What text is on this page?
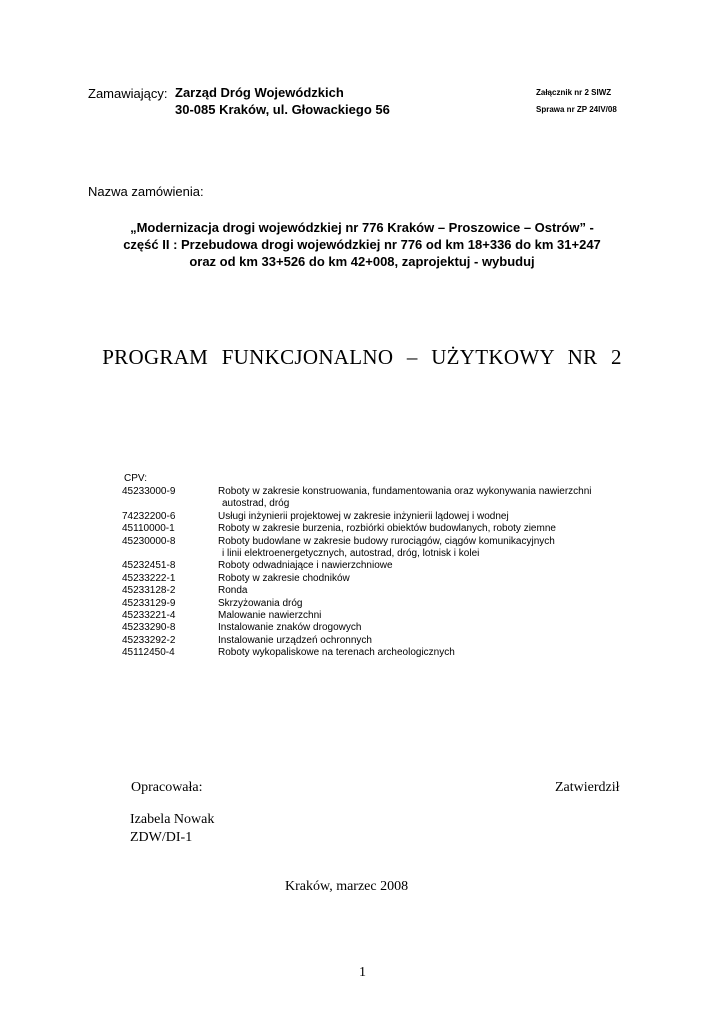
Zamawiający: Zarząd Dróg Wojewódzkich
30-085 Kraków, ul. Głowackiego 56
Załącznik nr 2 SIWZ
Sprawa nr ZP 24IV/08
Nazwa zamówienia:
„Modernizacja drogi wojewódzkiej nr 776 Kraków – Proszowice – Ostrów” -
część II : Przebudowa drogi wojewódzkiej nr 776 od km 18+336 do km 31+247
oraz od km 33+526 do km 42+008, zaprojektuj - wybuduj
PROGRAM FUNKCJONALNO – UŻYTKOWY NR 2
CPV:
45233000-9	Roboty w zakresie konstruowania, fundamentowania oraz wykonywania nawierzchni
autostrad, dróg
74232200-6	Usługi inżynierii projektowej w zakresie inżynierii lądowej i wodnej
45110000-1	Roboty w zakresie burzenia, rozbiórki obiektów budowlanych, roboty ziemne
45230000-8	Roboty budowlane w zakresie budowy rurociągów, ciągów komunikacyjnych
i linii elektroenergetycznych, autostrad, dróg, lotnisk i kolei
45232451-8	Roboty odwadniające i nawierzchniowe
45233222-1	Roboty w zakresie chodników
45233128-2	Ronda
45233129-9	Skrzyżowania dróg
45233221-4	Malowanie nawierzchni
45233290-8	Instalowanie znaków drogowych
45233292-2	Instalowanie urządzeń ochronnych
45112450-4	Roboty wykopaliskowe na terenach archeologicznych
Opracowała:	Zatwierdził
Izabela Nowak
ZDW/DI-1
Kraków, marzec 2008
1
